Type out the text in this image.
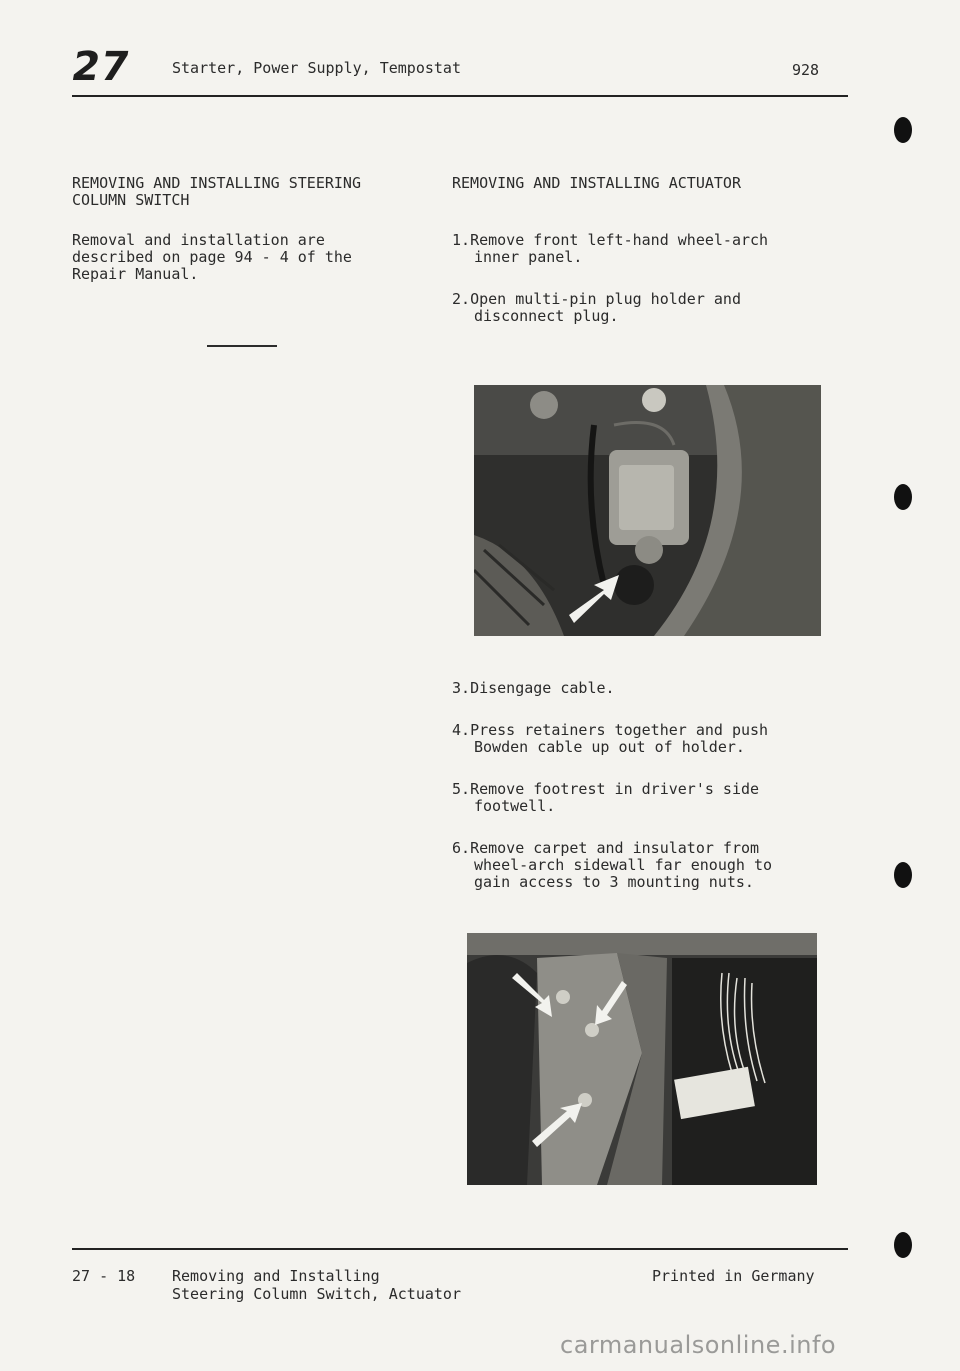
27	Starter, Power Supply, Tempostat	928
REMOVING AND INSTALLING STEERING
COLUMN SWITCH
Removal and installation are
described on page 94 - 4 of the
Repair Manual.
REMOVING AND INSTALLING ACTUATOR
1.Remove front left-hand wheel-arch
inner panel.
2.Open multi-pin plug holder and
disconnect plug.
3.Disengage cable.
4.Press retainers together and push
Bowden cable up out of holder.
5.Remove footrest in driver's side
footwell.
6.Remove carpet and insulator from
wheel-arch sidewall far enough to
gain access to 3 mounting nuts.
27 - 18 Removing and Installing
Steering Column Switch, Actuator
Printed in Germany
carmanualsonline.info
